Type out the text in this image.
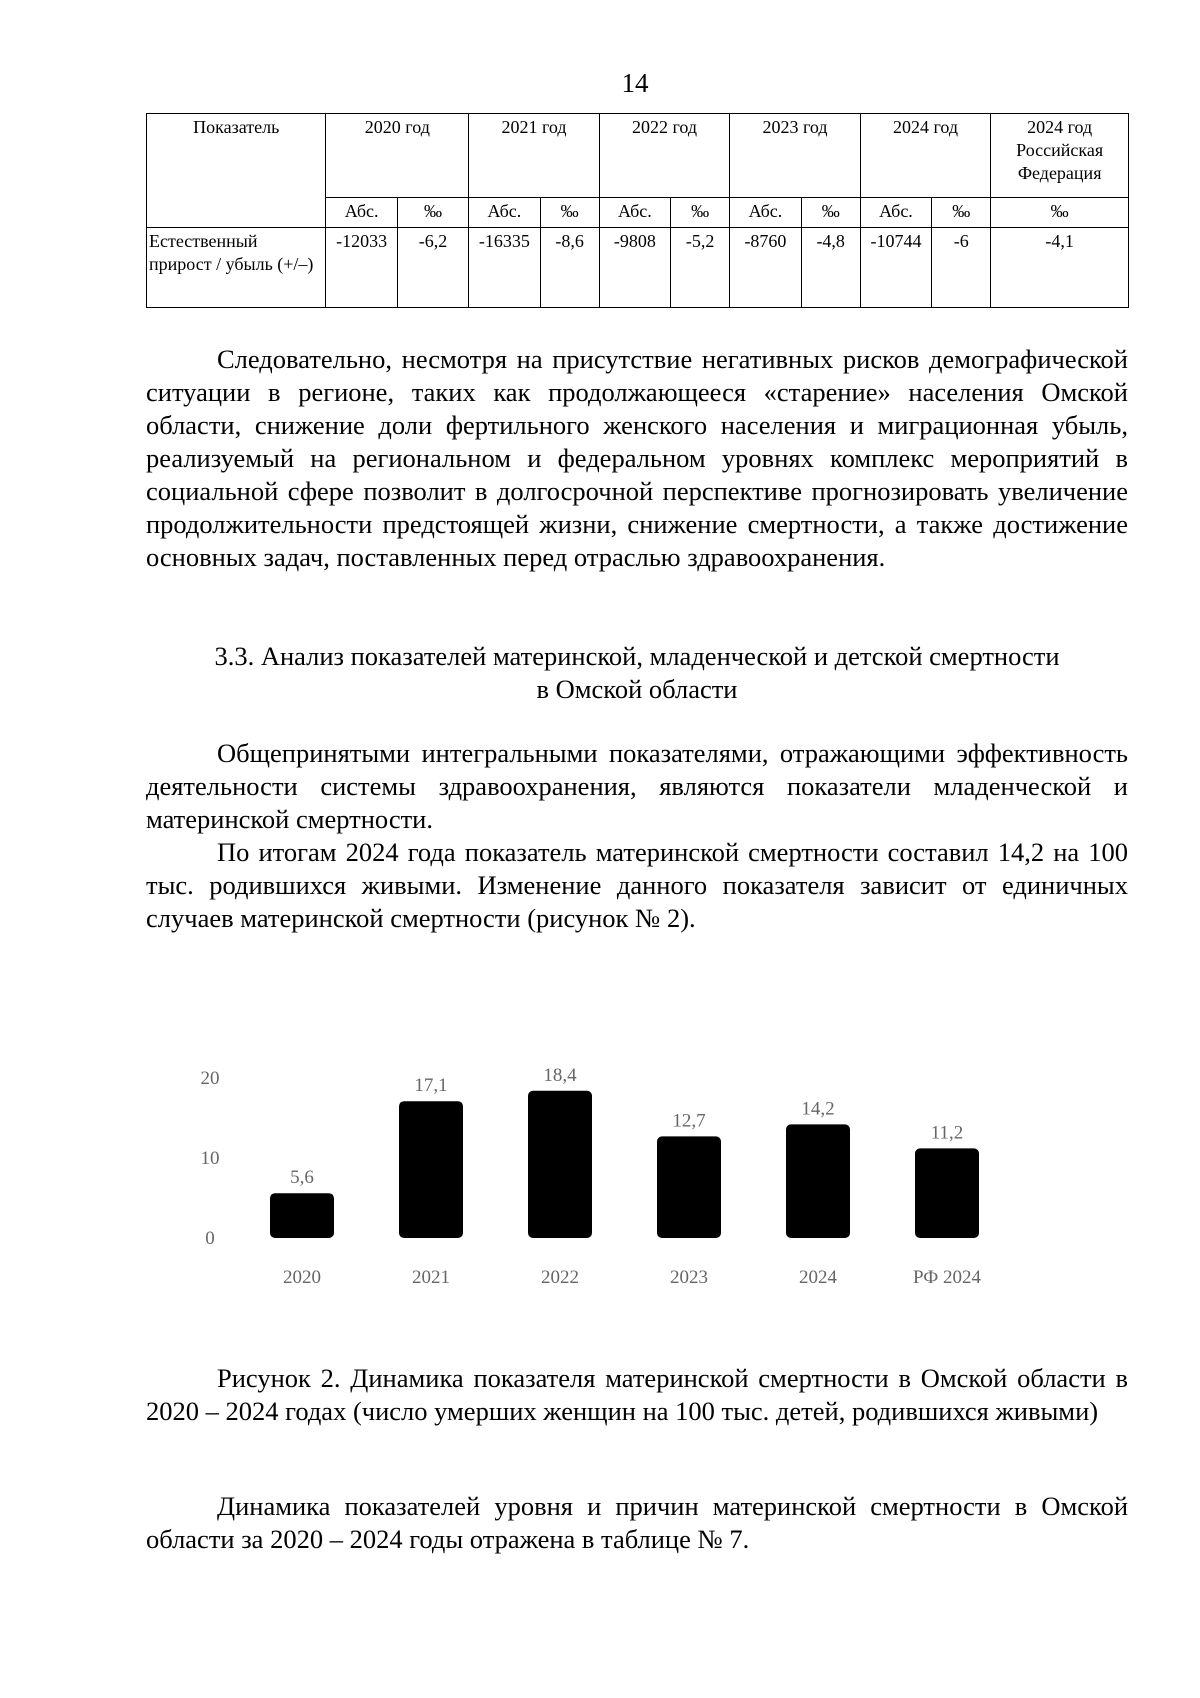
14
Показатель	2020 год		2021 год		2022 год		2023 год		2024 год		2024 год Российская Федерация
	Абс.	‰	Абс.	‰	Абс.	‰	Абс.	‰	Абс.	‰	‰
Естественный прирост / убыль (+/–)	-12033	-6,2	-16335	-8,6	-9808	-5,2	-8760	-4,8	-10744	-6	-4,1

Следовательно, несмотря на присутствие негативных рисков демографической ситуации в регионе, таких как продолжающееся «старение» населения Омской области, снижение доли фертильного женского населения и миграционная убыль, реализуемый на региональном и федеральном уровнях комплекс мероприятий в социальной сфере позволит в долгосрочной перспективе прогнозировать увеличение продолжительности предстоящей жизни, снижение смертности, а также достижение основных задач, поставленных перед отраслью здравоохранения.

3.3. Анализ показателей материнской, младенческой и детской смертности
в Омской области

Общепринятыми интегральными показателями, отражающими эффективность деятельности системы здравоохранения, являются показатели младенческой и материнской смертности.

По итогам 2024 года показатель материнской смертности составил 14,2 на 100 тыс. родившихся живыми. Изменение данного показателя зависит от единичных случаев материнской смертности (рисунок № 2).

0
10
20
5,6
2020
17,1
2021
18,4
2022
12,7
2023
14,2
2024
11,2
РФ 2024

Рисунок 2. Динамика показателя материнской смертности в Омской области в 2020 – 2024 годах (число умерших женщин на 100 тыс. детей, родившихся живыми)

Динамика показателей уровня и причин материнской смертности в Омской области за 2020 – 2024 годы отражена в таблице № 7.
